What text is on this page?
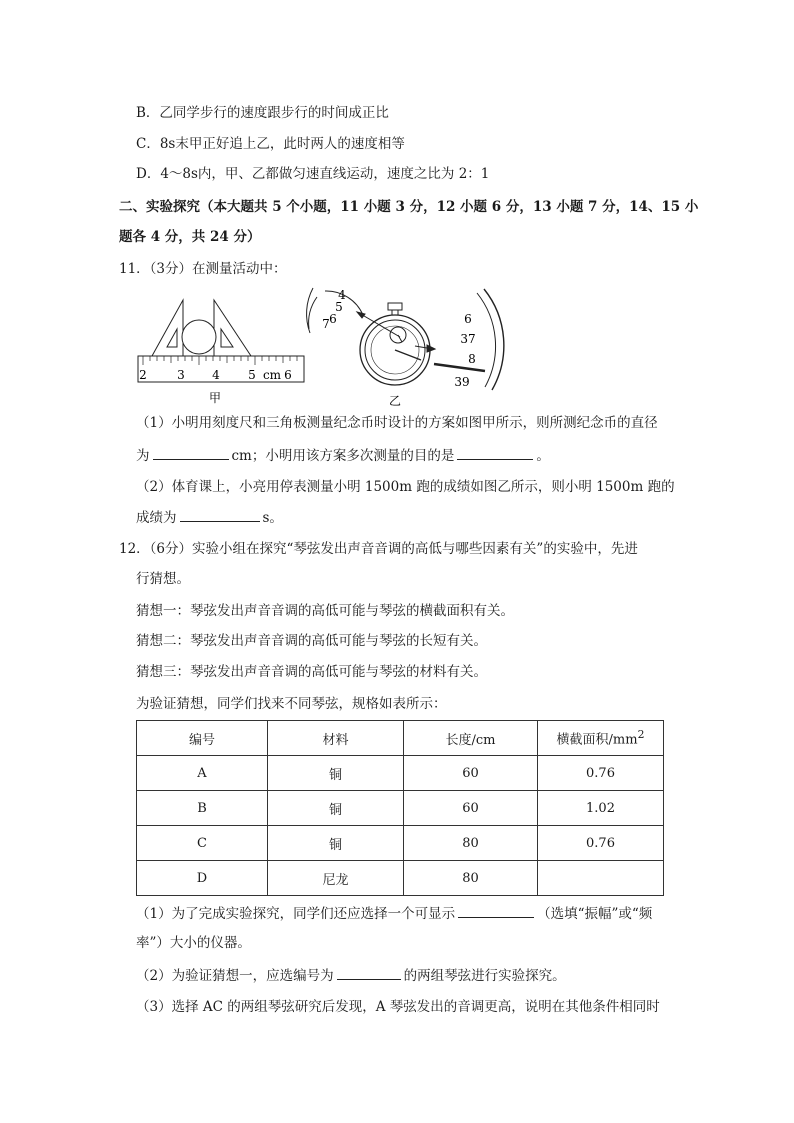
B．乙同学步行的速度跟步行的时间成正比
C．8s末甲正好追上乙，此时两人的速度相等
D．4～8s内，甲、乙都做匀速直线运动，速度之比为 2：1
二、实验探究（本大题共 5 个小题，11 小题 3 分，12 小题 6 分，13 小题 7 分，14、15 小
题各 4 分，共 24 分）
11．（3分）在测量活动中：
2	3 4 5 cm 6
甲
7 6
5
4
6
37
8
39
乙
（1）小明用刻度尺和三角板测量纪念币时设计的方案如图甲所示，则所测纪念币的直径
为	cm；小明用该方案多次测量的目的是	。
（2）体育课上，小亮用停表测量小明 1500m 跑的成绩如图乙所示，则小明 1500m 跑的
成绩为	s。
12．（6分）实验小组在探究“琴弦发出声音音调的高低与哪些因素有关”的实验中，先进
行猜想。
猜想一：琴弦发出声音音调的高低可能与琴弦的横截面积有关。
猜想二：琴弦发出声音音调的高低可能与琴弦的长短有关。
猜想三：琴弦发出声音音调的高低可能与琴弦的材料有关。
为验证猜想，同学们找来不同琴弦，规格如表所示：
编号	材料	长度/cm	横截面积$/mm^2$
A	铜	60	0.76
B	铜	60	1.02
C	铜	80	0.76
D	尼龙	80	
（1）为了完成实验探究，同学们还应选择一个可显示	（选填“振幅”或“频
率”）大小的仪器。
（2）为验证猜想一，应选编号为	的两组琴弦进行实验探究。
（3）选择 AC 的两组琴弦研究后发现，A 琴弦发出的音调更高，说明在其他条件相同时
